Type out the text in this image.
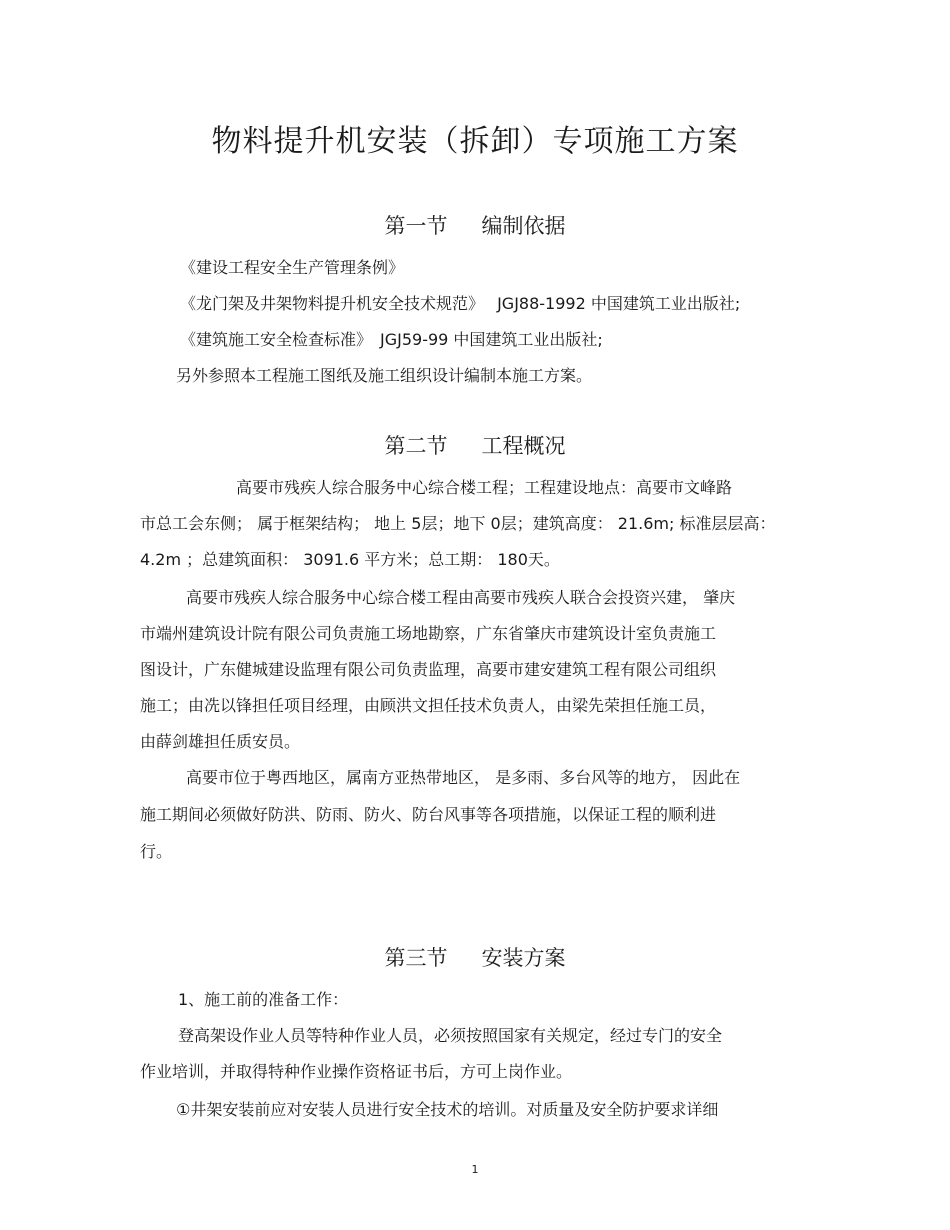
物料提升机安装（拆卸）专项施工方案
第一节 编制依据
《建设工程安全生产管理条例》
《龙门架及井架物料提升机安全技术规范》　 JGJ88-1992 中国建筑工业出版社;
《建筑施工安全检查标准》　JGJ59-99 中国建筑工业出版社;
另外参照本工程施工图纸及施工组织设计编制本施工方案。
第二节 工程概况
高要市残疾人综合服务中心综合楼工程；工程建设地点：高要市文峰路
市总工会东侧； 属于框架结构； 地上 5层；地下 0层；建筑高度： 21.6m; 标准层层高：
4.2m ；总建筑面积： 3091.6 平方米；总工期： 180天。
高要市残疾人综合服务中心综合楼工程由高要市残疾人联合会投资兴建， 肇庆
市端州建筑设计院有限公司负责施工场地勘察，广东省肇庆市建筑设计室负责施工
图设计，广东健城建设监理有限公司负责监理，高要市建安建筑工程有限公司组织
施工；由冼以锋担任项目经理，由顾洪文担任技术负责人，由梁先荣担任施工员，
由薛剑雄担任质安员。
高要市位于粤西地区，属南方亚热带地区， 是多雨、多台风等的地方， 因此在
施工期间必须做好防洪、防雨、防火、防台风事等各项措施，以保证工程的顺利进
行。
第三节 安装方案
1、施工前的准备工作：
登高架设作业人员等特种作业人员，必须按照国家有关规定，经过专门的安全
作业培训，并取得特种作业操作资格证书后，方可上岗作业。
①井架安装前应对安装人员进行安全技术的培训。对质量及安全防护要求详细
1
